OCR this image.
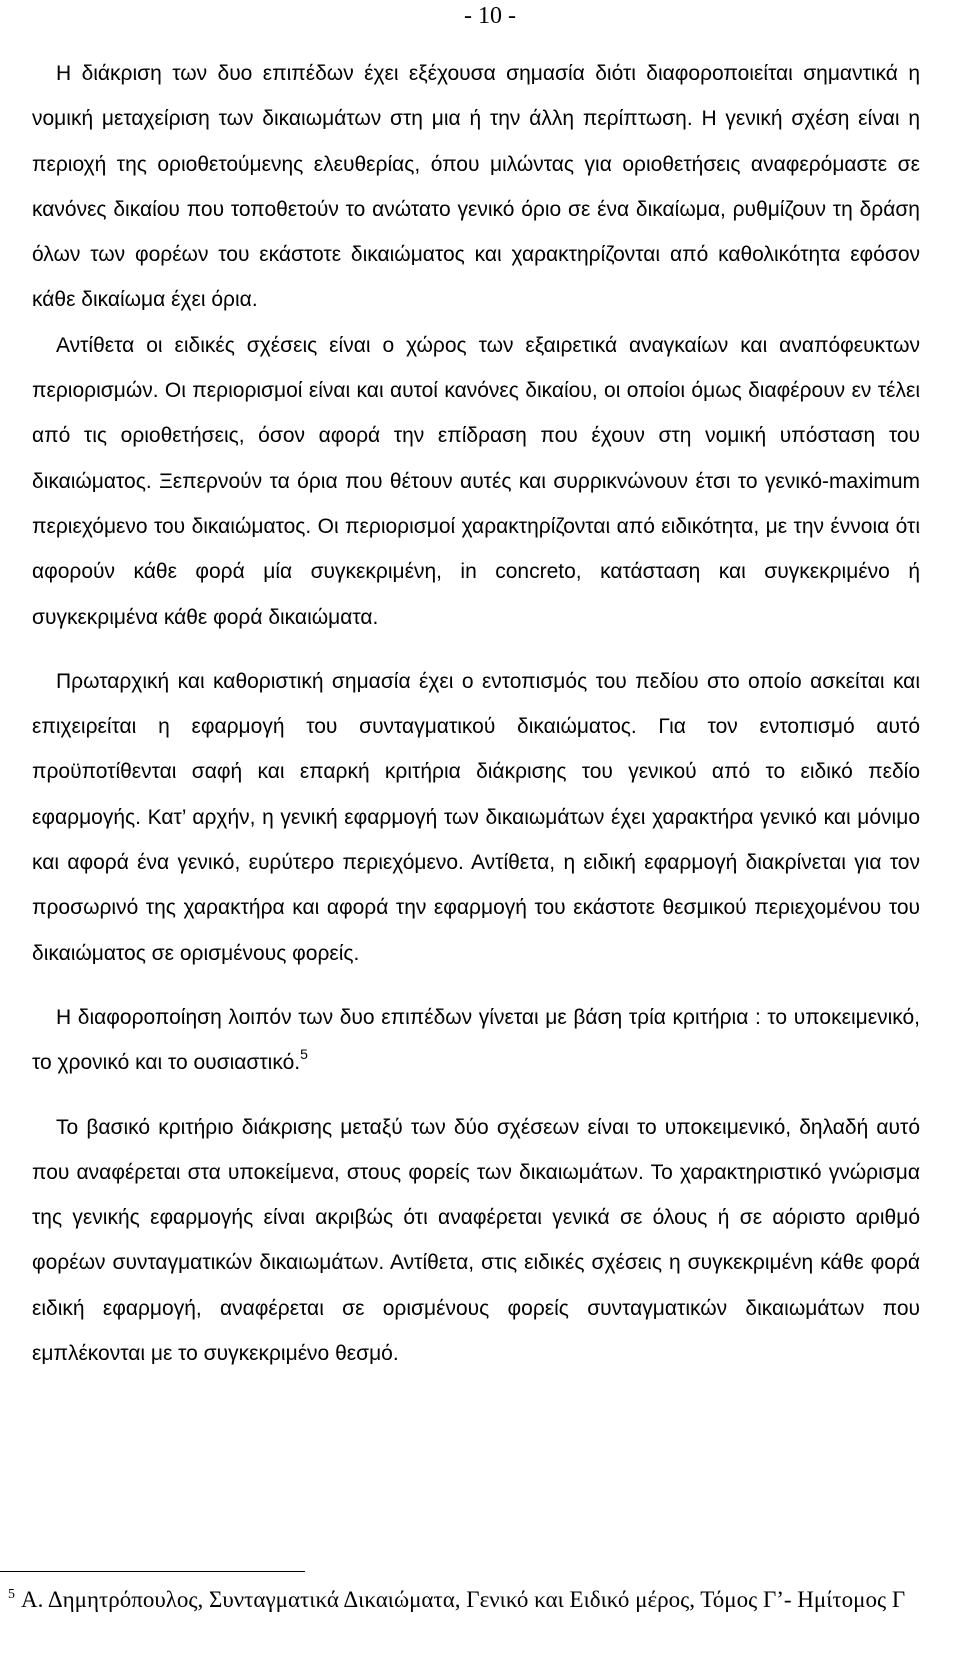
- 10 -

Η διάκριση των δυο επιπέδων έχει εξέχουσα σημασία διότι διαφοροποιείται σημαντικά η νομική μεταχείριση των δικαιωμάτων στη μια ή την άλλη περίπτωση. Η γενική σχέση είναι η περιοχή της οριοθετούμενης ελευθερίας, όπου μιλώντας για οριοθετήσεις αναφερόμαστε σε κανόνες δικαίου που τοποθετούν το ανώτατο γενικό όριο σε ένα δικαίωμα, ρυθμίζουν τη δράση όλων των φορέων του εκάστοτε δικαιώματος και χαρακτηρίζονται από καθολικότητα εφόσον κάθε δικαίωμα έχει όρια.

Αντίθετα οι ειδικές σχέσεις είναι ο χώρος των εξαιρετικά αναγκαίων και αναπόφευκτων περιορισμών. Οι περιορισμοί είναι και αυτοί κανόνες δικαίου, οι οποίοι όμως διαφέρουν εν τέλει από τις οριοθετήσεις, όσον αφορά την επίδραση που έχουν στη νομική υπόσταση του δικαιώματος. Ξεπερνούν τα όρια που θέτουν αυτές και συρρικνώνουν έτσι το γενικό-maximum περιεχόμενο του δικαιώματος. Οι περιορισμοί χαρακτηρίζονται από ειδικότητα, με την έννοια ότι αφορούν κάθε φορά μία συγκεκριμένη, in concreto, κατάσταση και συγκεκριμένο ή συγκεκριμένα κάθε φορά δικαιώματα.

Πρωταρχική και καθοριστική σημασία έχει ο εντοπισμός του πεδίου στο οποίο ασκείται και επιχειρείται η εφαρμογή του συνταγματικού δικαιώματος. Για τον εντοπισμό αυτό προϋποτίθενται σαφή και επαρκή κριτήρια διάκρισης του γενικού από το ειδικό πεδίο εφαρμογής. Κατ’ αρχήν, η γενική εφαρμογή των δικαιωμάτων έχει χαρακτήρα γενικό και μόνιμο και αφορά ένα γενικό, ευρύτερο περιεχόμενο. Αντίθετα, η ειδική εφαρμογή διακρίνεται για τον προσωρινό της χαρακτήρα και αφορά την εφαρμογή του εκάστοτε θεσμικού περιεχομένου του δικαιώματος σε ορισμένους φορείς.

Η διαφοροποίηση λοιπόν των δυο επιπέδων γίνεται με βάση τρία κριτήρια : το υποκειμενικό, το χρονικό και το ουσιαστικό.$^5$

Το βασικό κριτήριο διάκρισης μεταξύ των δύο σχέσεων είναι το υποκειμενικό, δηλαδή αυτό που αναφέρεται στα υποκείμενα, στους φορείς των δικαιωμάτων. Το χαρακτηριστικό γνώρισμα της γενικής εφαρμογής είναι ακριβώς ότι αναφέρεται γενικά σε όλους ή σε αόριστο αριθμό φορέων συνταγματικών δικαιωμάτων. Αντίθετα, στις ειδικές σχέσεις η συγκεκριμένη κάθε φορά ειδική εφαρμογή, αναφέρεται σε ορισμένους φορείς συνταγματικών δικαιωμάτων που εμπλέκονται με το συγκεκριμένο θεσμό.

$^5$ Α. Δημητρόπουλος, Συνταγματικά Δικαιώματα, Γενικό και Ειδικό μέρος, Τόμος Γ’- Ημίτομος Γ
